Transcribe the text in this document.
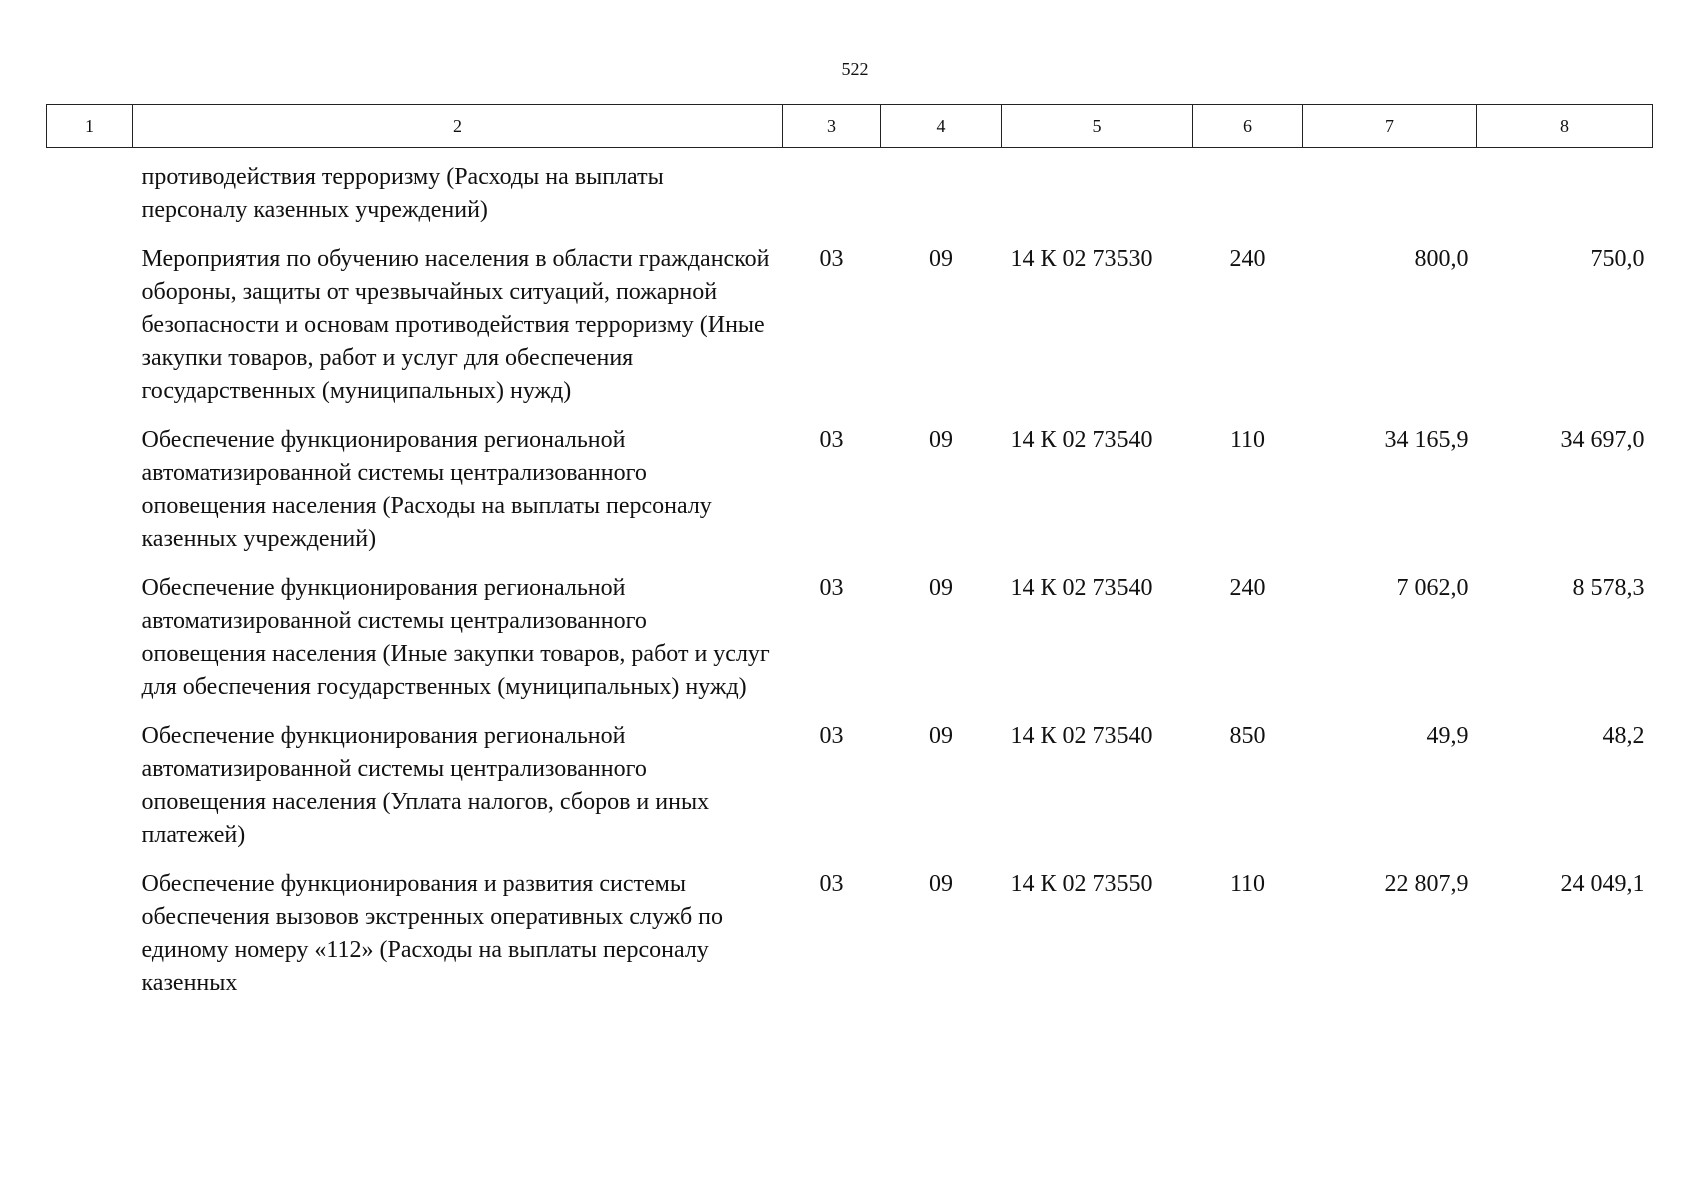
522
1	2	3	4	5	6	7	8
	противодействия терроризму (Расходы на выплаты персоналу казенных учреждений)						
	Мероприятия по обучению населения в области гражданской обороны, защиты от чрезвычайных ситуаций, пожарной безопасности и основам противодействия терроризму (Иные закупки товаров, работ и услуг для обеспечения государственных (муниципальных) нужд)	03	09	14 К 02 73530	240	800,0	750,0
	Обеспечение функционирования региональной автоматизированной системы централизованного оповещения населения (Расходы на выплаты персоналу казенных учреждений)	03	09	14 К 02 73540	110	34 165,9	34 697,0
	Обеспечение функционирования региональной автоматизированной системы централизованного оповещения населения (Иные закупки товаров, работ и услуг для обеспечения государственных (муниципальных) нужд)	03	09	14 К 02 73540	240	7 062,0	8 578,3
	Обеспечение функционирования региональной автоматизированной системы централизованного оповещения населения (Уплата налогов, сборов и иных платежей)	03	09	14 К 02 73540	850	49,9	48,2
	Обеспечение функционирования и развития системы обеспечения вызовов экстренных оперативных служб по единому номеру «112» (Расходы на выплаты персоналу казенных	03	09	14 К 02 73550	110	22 807,9	24 049,1
